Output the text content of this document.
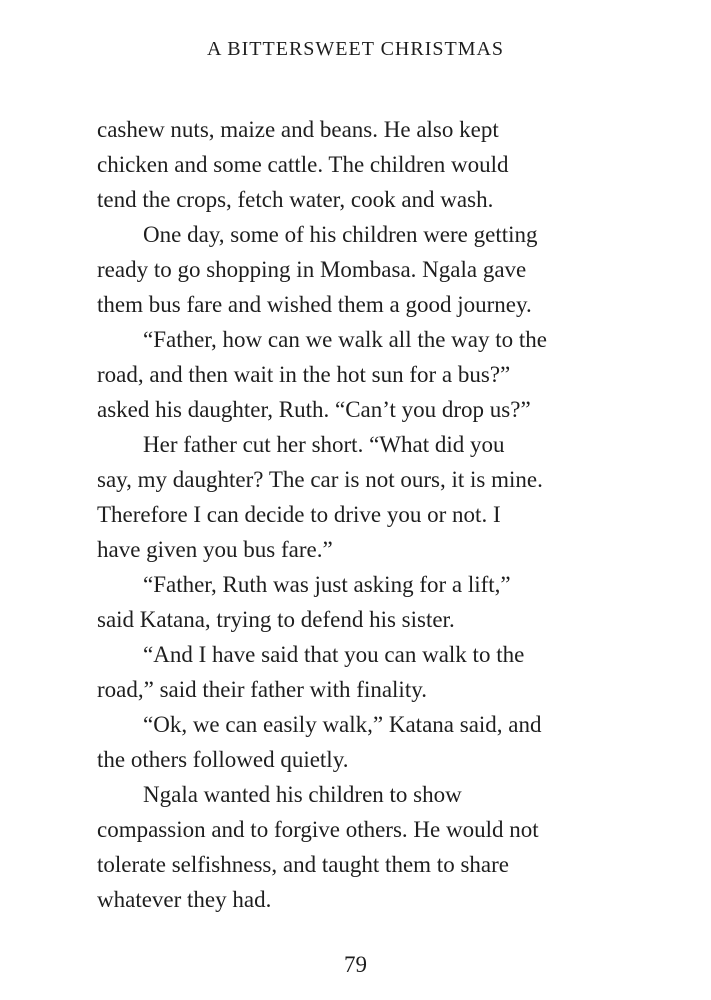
A BITTERSWEET CHRISTMAS
cashew nuts, maize and beans. He also kept
chicken and some cattle. The children would
tend the crops, fetch water, cook and wash.
One day, some of his children were getting
ready to go shopping in Mombasa. Ngala gave
them bus fare and wished them a good journey.
“Father, how can we walk all the way to the
road, and then wait in the hot sun for a bus?”
asked his daughter, Ruth. “Can’t you drop us?”
Her father cut her short. “What did you
say, my daughter? The car is not ours, it is mine.
Therefore I can decide to drive you or not. I
have given you bus fare.”
“Father, Ruth was just asking for a lift,”
said Katana, trying to defend his sister.
“And I have said that you can walk to the
road,” said their father with finality.
“Ok, we can easily walk,” Katana said, and
the others followed quietly.
Ngala wanted his children to show
compassion and to forgive others. He would not
tolerate selfishness, and taught them to share
whatever they had.
79
